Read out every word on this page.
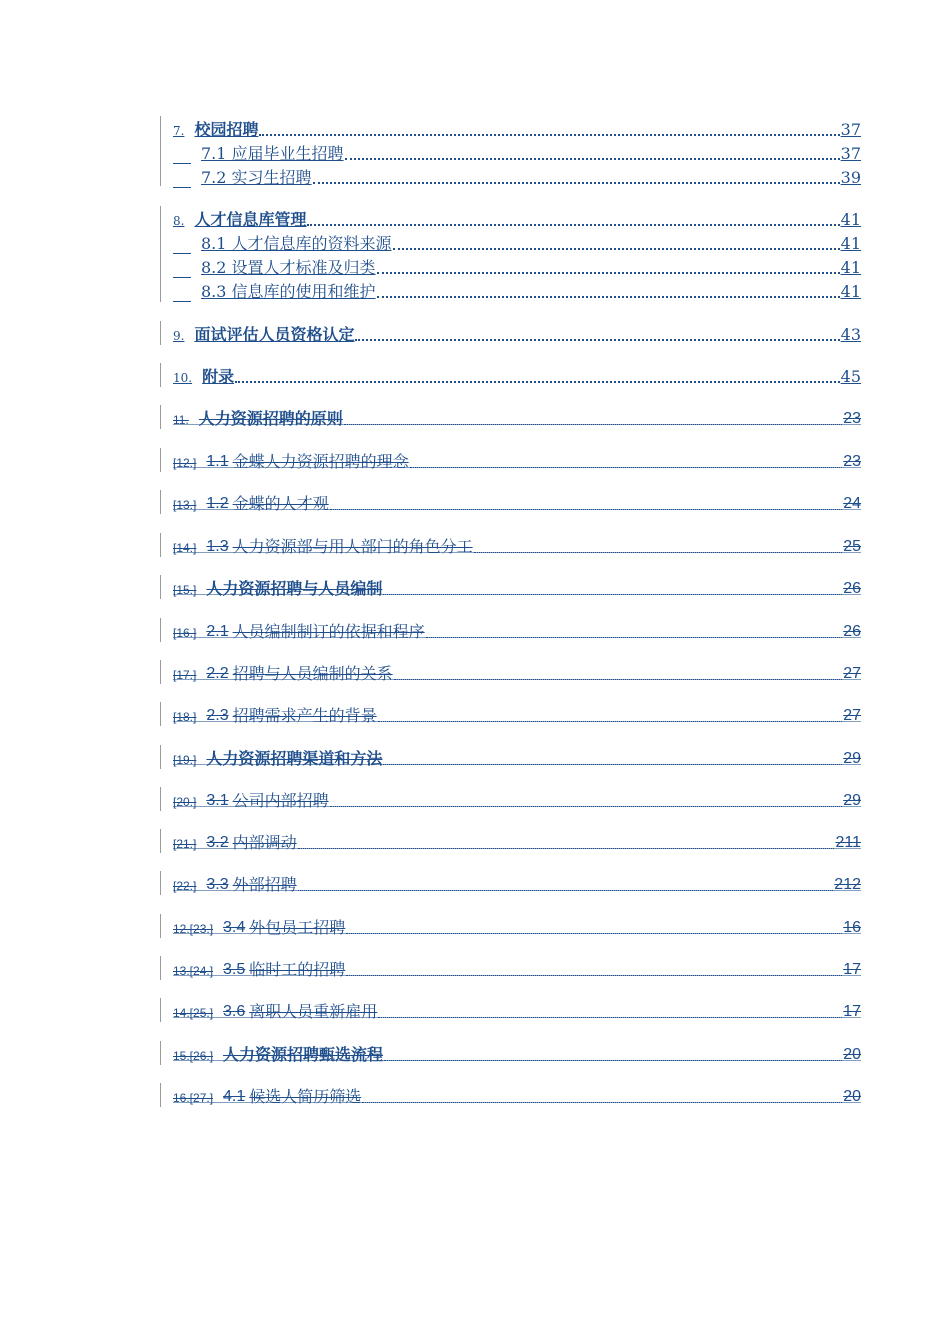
7. 校园招聘	37
7.1 应届毕业生招聘	37
7.2 实习生招聘	39
8. 人才信息库管理	41
8.1 人才信息库的资料来源	41
8.2 设置人才标准及归类	41
8.3 信息库的使用和维护	41
9. 面试评估人员资格认定	43
10. 附录	45
11. 人力资源招聘的原则	23
[12.] 1.1 金蝶人力资源招聘的理念	23
[13.] 1.2 金蝶的人才观	24
[14.] 1.3 人力资源部与用人部门的角色分工	25
[15.] 人力资源招聘与人员编制	26
[16.] 2.1 人员编制制订的依据和程序	26
[17.] 2.2 招聘与人员编制的关系	27
[18.] 2.3 招聘需求产生的背景	27
[19.] 人力资源招聘渠道和方法	29
[20.] 3.1 公司内部招聘	29
[21.] 3.2 内部调动	211
[22.] 3.3 外部招聘	212
12.[23.] 3.4 外包员工招聘	16
13.[24.] 3.5 临时工的招聘	17
14.[25.] 3.6 离职人员重新雇用	17
15.[26.] 人力资源招聘甄选流程	20
16.[27.] 4.1 候选人简历筛选	20
